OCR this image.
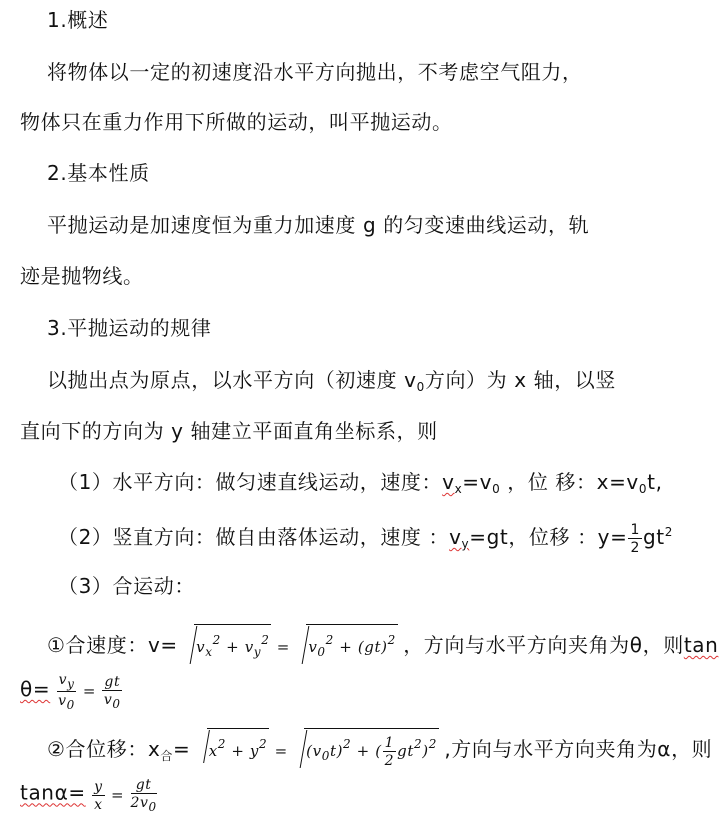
1.概述
将物体以一定的初速度沿水平方向抛出，不考虑空气阻力，
物体只在重力作用下所做的运动，叫平抛运动。
2.基本性质
平抛运动是加速度恒为重力加速度 g 的匀变速曲线运动，轨
迹是抛物线。
3.平抛运动的规律
以抛出点为原点，以水平方向（初速度 $v_0$方向）为 x 轴，以竖
直向下的方向为 y 轴建立平面直角坐标系，则
（1）水平方向：做匀速直线运动，速度：$v_x=v_0$ ，位 移：$x=v_0t$,
（2）竖直方向：做自由落体运动，速度 ：$v_y=gt$，位移 ：$y= \frac{1}{2} gt^2$
（3）合运动：
①合速度：$v= v_x^2 + v_y^2 = v_0^2 + (gt)^2$ ，方向与水平方向夹角为θ，则tan
$\theta= \frac{vy}{v0} = \frac{gt}{v0}$
②合位移：$x_合= x^2 + y^2 = (v_0t)^2$ + ( $\frac{1}{2} gt^2)^2$ ,方向与水平方向夹角为α，则
$\tan\alpha= \frac{y}{x} = \frac{gt}{2v0}$
